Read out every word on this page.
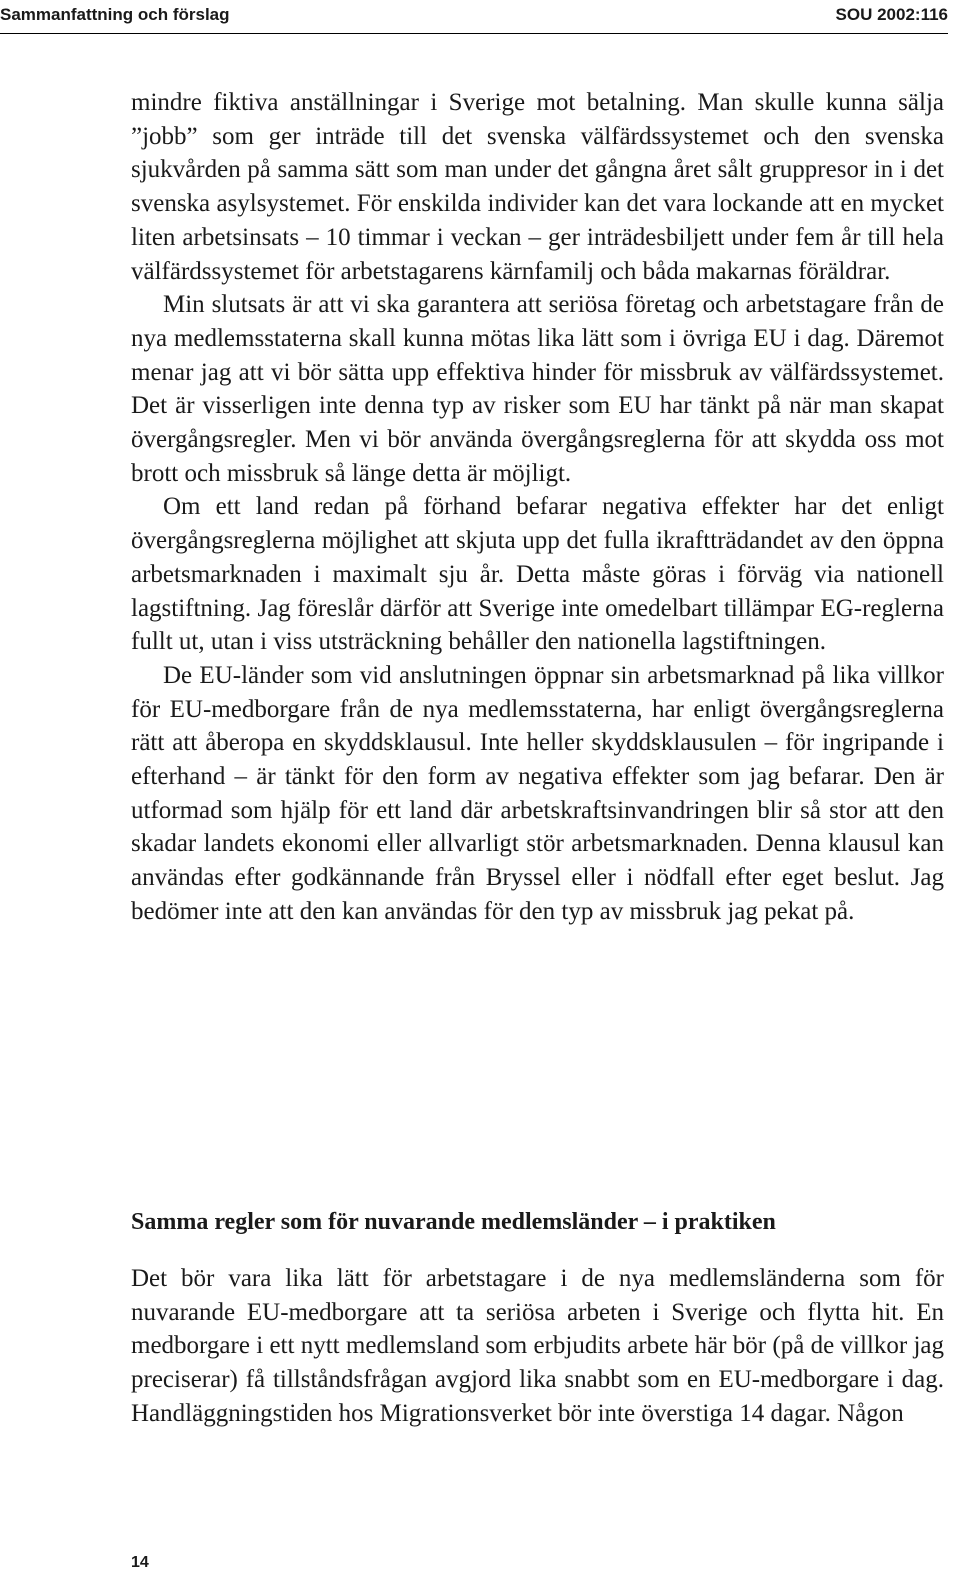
Sammanfattning och förslag	SOU 2002:116

mindre fiktiva anställningar i Sverige mot betalning. Man skulle kunna sälja ”jobb” som ger inträde till det svenska välfärdssystemet och den svenska sjukvården på samma sätt som man under det gångna året sålt gruppresor in i det svenska asylsystemet. För enskilda individer kan det vara lockande att en mycket liten arbetsinsats – 10 timmar i veckan – ger inträdesbiljett under fem år till hela välfärdssystemet för arbetstagarens kärnfamilj och båda makarnas föräldrar.

Min slutsats är att vi ska garantera att seriösa företag och arbetstagare från de nya medlemsstaterna skall kunna mötas lika lätt som i övriga EU i dag. Däremot menar jag att vi bör sätta upp effektiva hinder för missbruk av välfärdssystemet. Det är visserligen inte denna typ av risker som EU har tänkt på när man skapat övergångsregler. Men vi bör använda övergångsreglerna för att skydda oss mot brott och missbruk så länge detta är möjligt.

Om ett land redan på förhand befarar negativa effekter har det enligt övergångsreglerna möjlighet att skjuta upp det fulla ikraftträdandet av den öppna arbetsmarknaden i maximalt sju år. Detta måste göras i förväg via nationell lagstiftning. Jag föreslår därför att Sverige inte omedelbart tillämpar EG-reglerna fullt ut, utan i viss utsträckning behåller den nationella lagstiftningen.

De EU-länder som vid anslutningen öppnar sin arbetsmarknad på lika villkor för EU-medborgare från de nya medlemsstaterna, har enligt övergångsreglerna rätt att åberopa en skyddsklausul. Inte heller skyddsklausulen – för ingripande i efterhand – är tänkt för den form av negativa effekter som jag befarar. Den är utformad som hjälp för ett land där arbetskraftsinvandringen blir så stor att den skadar landets ekonomi eller allvarligt stör arbetsmarknaden. Denna klausul kan användas efter godkännande från Bryssel eller i nödfall efter eget beslut. Jag bedömer inte att den kan användas för den typ av missbruk jag pekat på.

Samma regler som för nuvarande medlemsländer – i praktiken

Det bör vara lika lätt för arbetstagare i de nya medlemsländerna som för nuvarande EU-medborgare att ta seriösa arbeten i Sverige och flytta hit. En medborgare i ett nytt medlemsland som erbjudits arbete här bör (på de villkor jag preciserar) få tillståndsfrågan avgjord lika snabbt som en EU-medborgare i dag. Handläggningstiden hos Migrationsverket bör inte överstiga 14 dagar. Någon

14
